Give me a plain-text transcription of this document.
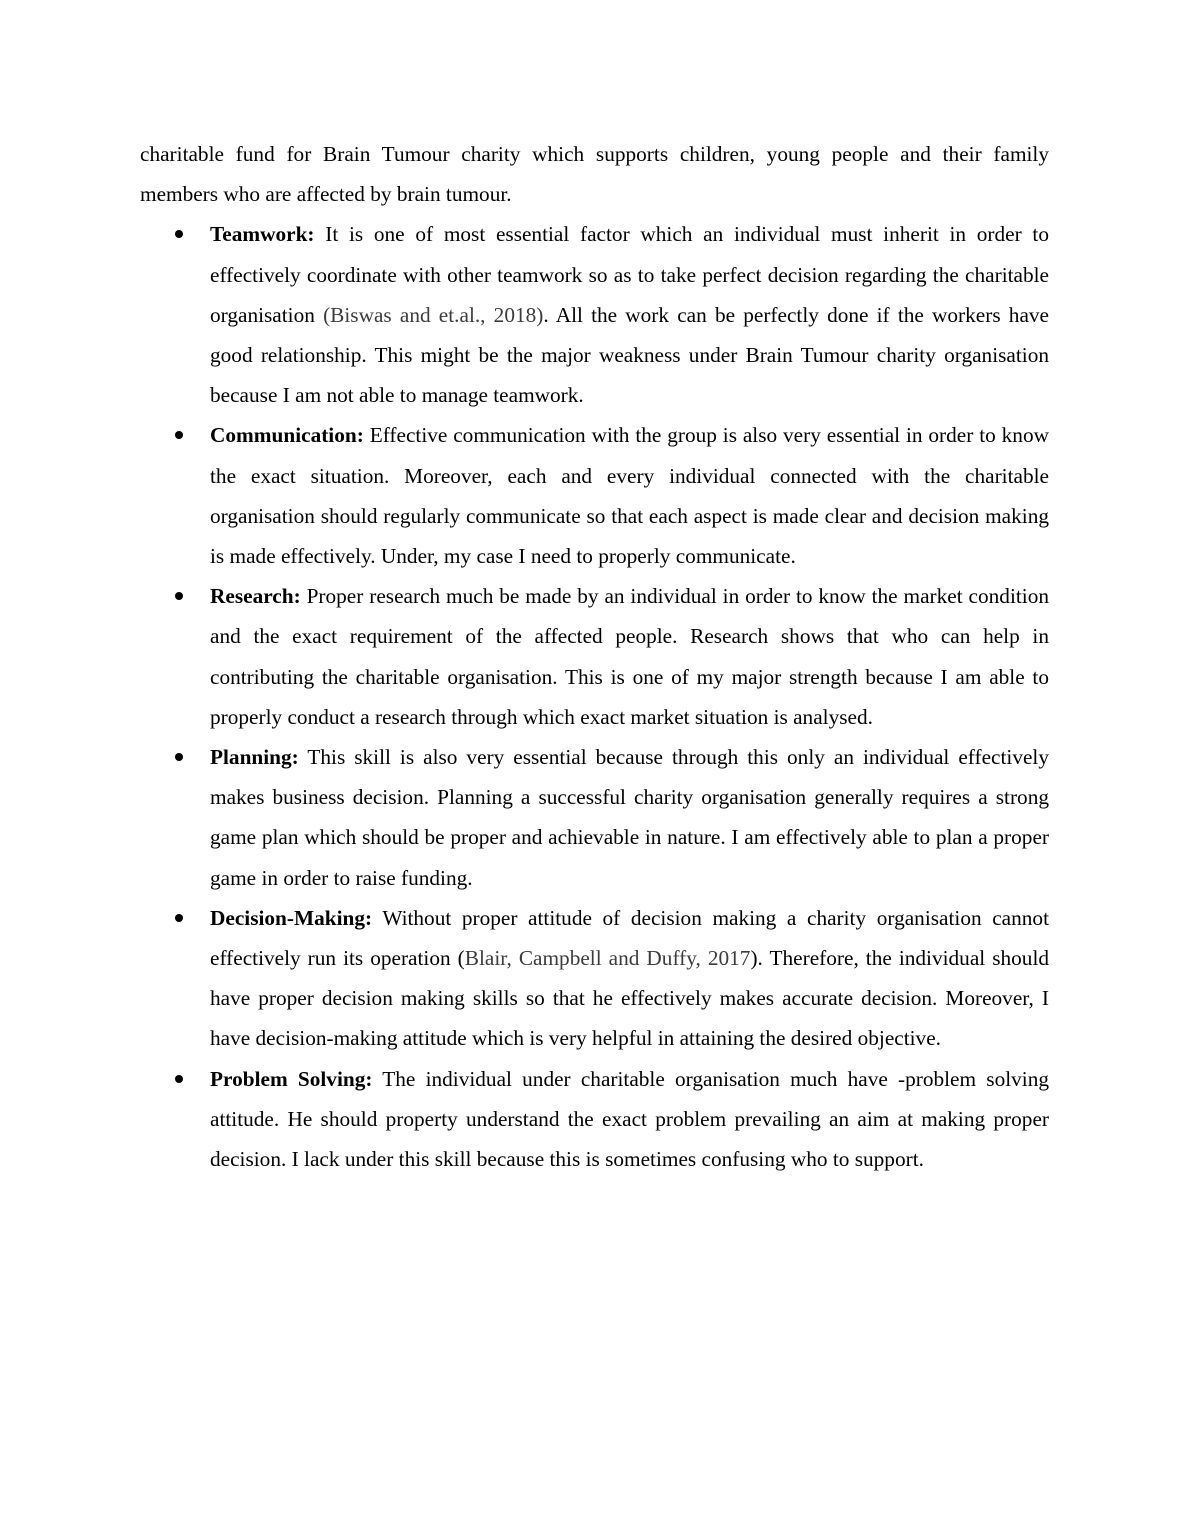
charitable fund for Brain Tumour charity which supports children, young people and their family members who are affected by brain tumour.

Teamwork: It is one of most essential factor which an individual must inherit in order to effectively coordinate with other teamwork so as to take perfect decision regarding the charitable organisation (Biswas and et.al., 2018). All the work can be perfectly done if the workers have good relationship. This might be the major weakness under Brain Tumour charity organisation because I am not able to manage teamwork.
Communication: Effective communication with the group is also very essential in order to know the exact situation. Moreover, each and every individual connected with the charitable organisation should regularly communicate so that each aspect is made clear and decision making is made effectively. Under, my case I need to properly communicate.
Research: Proper research much be made by an individual in order to know the market condition and the exact requirement of the affected people. Research shows that who can help in contributing the charitable organisation. This is one of my major strength because I am able to properly conduct a research through which exact market situation is analysed.
Planning: This skill is also very essential because through this only an individual effectively makes business decision. Planning a successful charity organisation generally requires a strong game plan which should be proper and achievable in nature. I am effectively able to plan a proper game in order to raise funding.
Decision-Making: Without proper attitude of decision making a charity organisation cannot effectively run its operation (Blair, Campbell and Duffy, 2017). Therefore, the individual should have proper decision making skills so that he effectively makes accurate decision. Moreover, I have decision-making attitude which is very helpful in attaining the desired objective.
Problem Solving: The individual under charitable organisation much have -problem solving attitude. He should property understand the exact problem prevailing an aim at making proper decision. I lack under this skill because this is sometimes confusing who to support.
